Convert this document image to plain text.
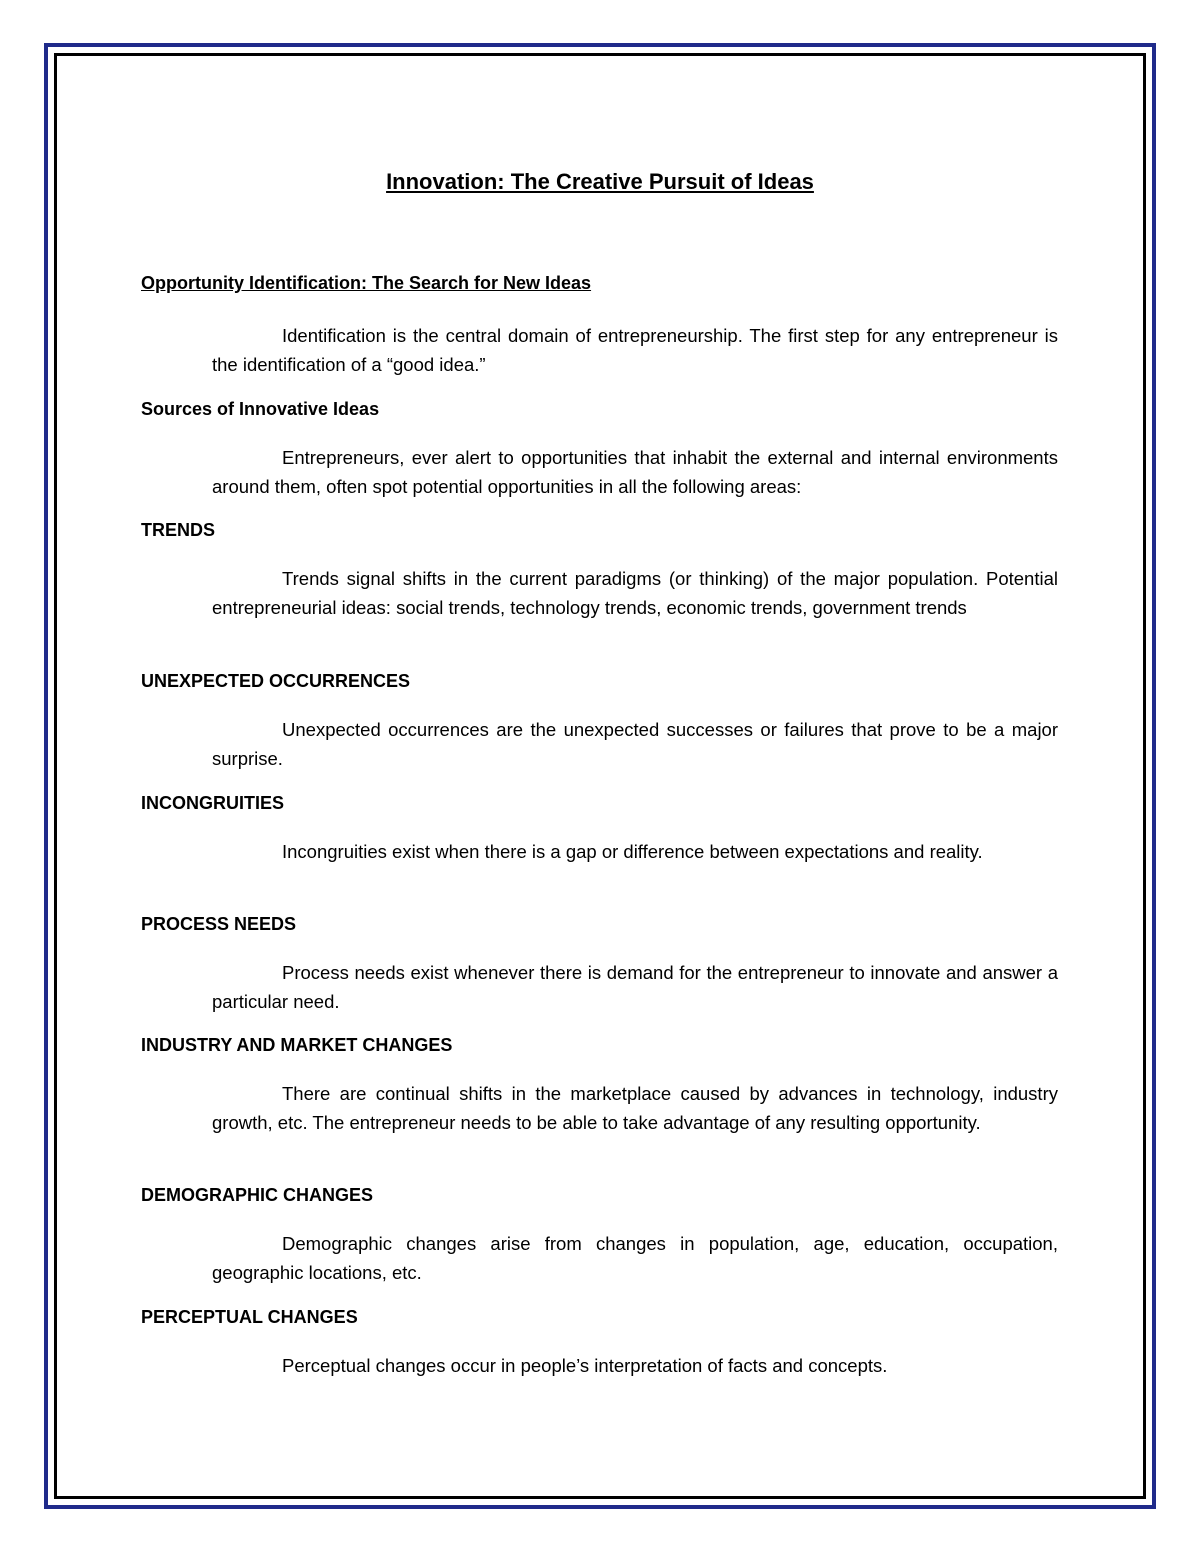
Innovation: The Creative Pursuit of Ideas
Opportunity Identification: The Search for New Ideas

Identification is the central domain of entrepreneurship. The first step for any entrepreneur is the identification of a “good idea.”

Sources of Innovative Ideas

Entrepreneurs, ever alert to opportunities that inhabit the external and internal environments around them, often spot potential opportunities in all the following areas:

TRENDS

Trends signal shifts in the current paradigms (or thinking) of the major population. Potential entrepreneurial ideas: social trends, technology trends, economic trends, government trends

UNEXPECTED OCCURRENCES

Unexpected occurrences are the unexpected successes or failures that prove to be a major surprise.

INCONGRUITIES

Incongruities exist when there is a gap or difference between expectations and reality.

PROCESS NEEDS

Process needs exist whenever there is demand for the entrepreneur to innovate and answer a particular need.

INDUSTRY AND MARKET CHANGES

There are continual shifts in the marketplace caused by advances in technology, industry growth, etc. The entrepreneur needs to be able to take advantage of any resulting opportunity.

DEMOGRAPHIC CHANGES

Demographic changes arise from changes in population, age, education, occupation, geographic locations, etc.

PERCEPTUAL CHANGES

Perceptual changes occur in people’s interpretation of facts and concepts.
